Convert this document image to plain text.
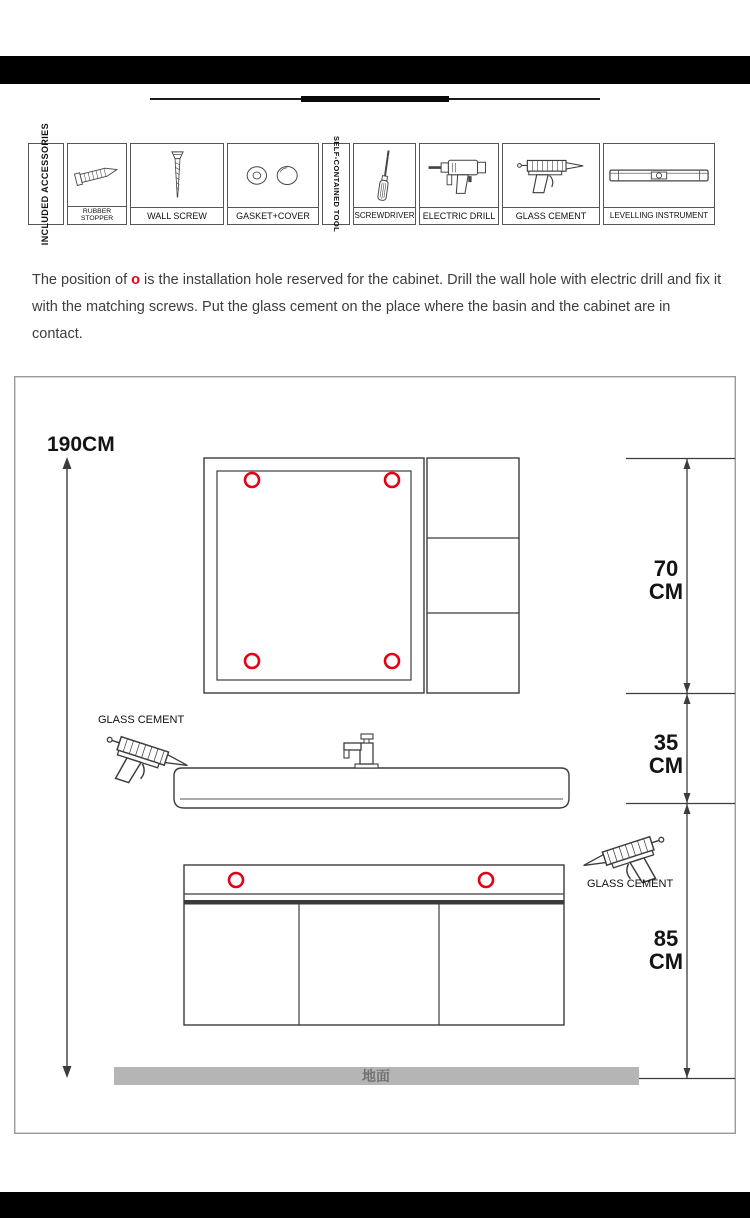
INCLUDED ACCESSORIES	RUBBER STOPPER	WALL SCREW	GASKET+COVER	SELF-CONTAINED TOOL SCREWDRIVER ELECTRIC DRILL	GLASS CEMENT	LEVELLING INSTRUMENT

The position of o is the installation hole reserved for the cabinet. Drill the wall hole with electric drill and fix it with the matching screws. Put the glass cement on the place where the basin and the cabinet are in contact.

190CM
70
CM
35
CM
85
CM
GLASS CEMENT
GLASS CEMENT
地面
